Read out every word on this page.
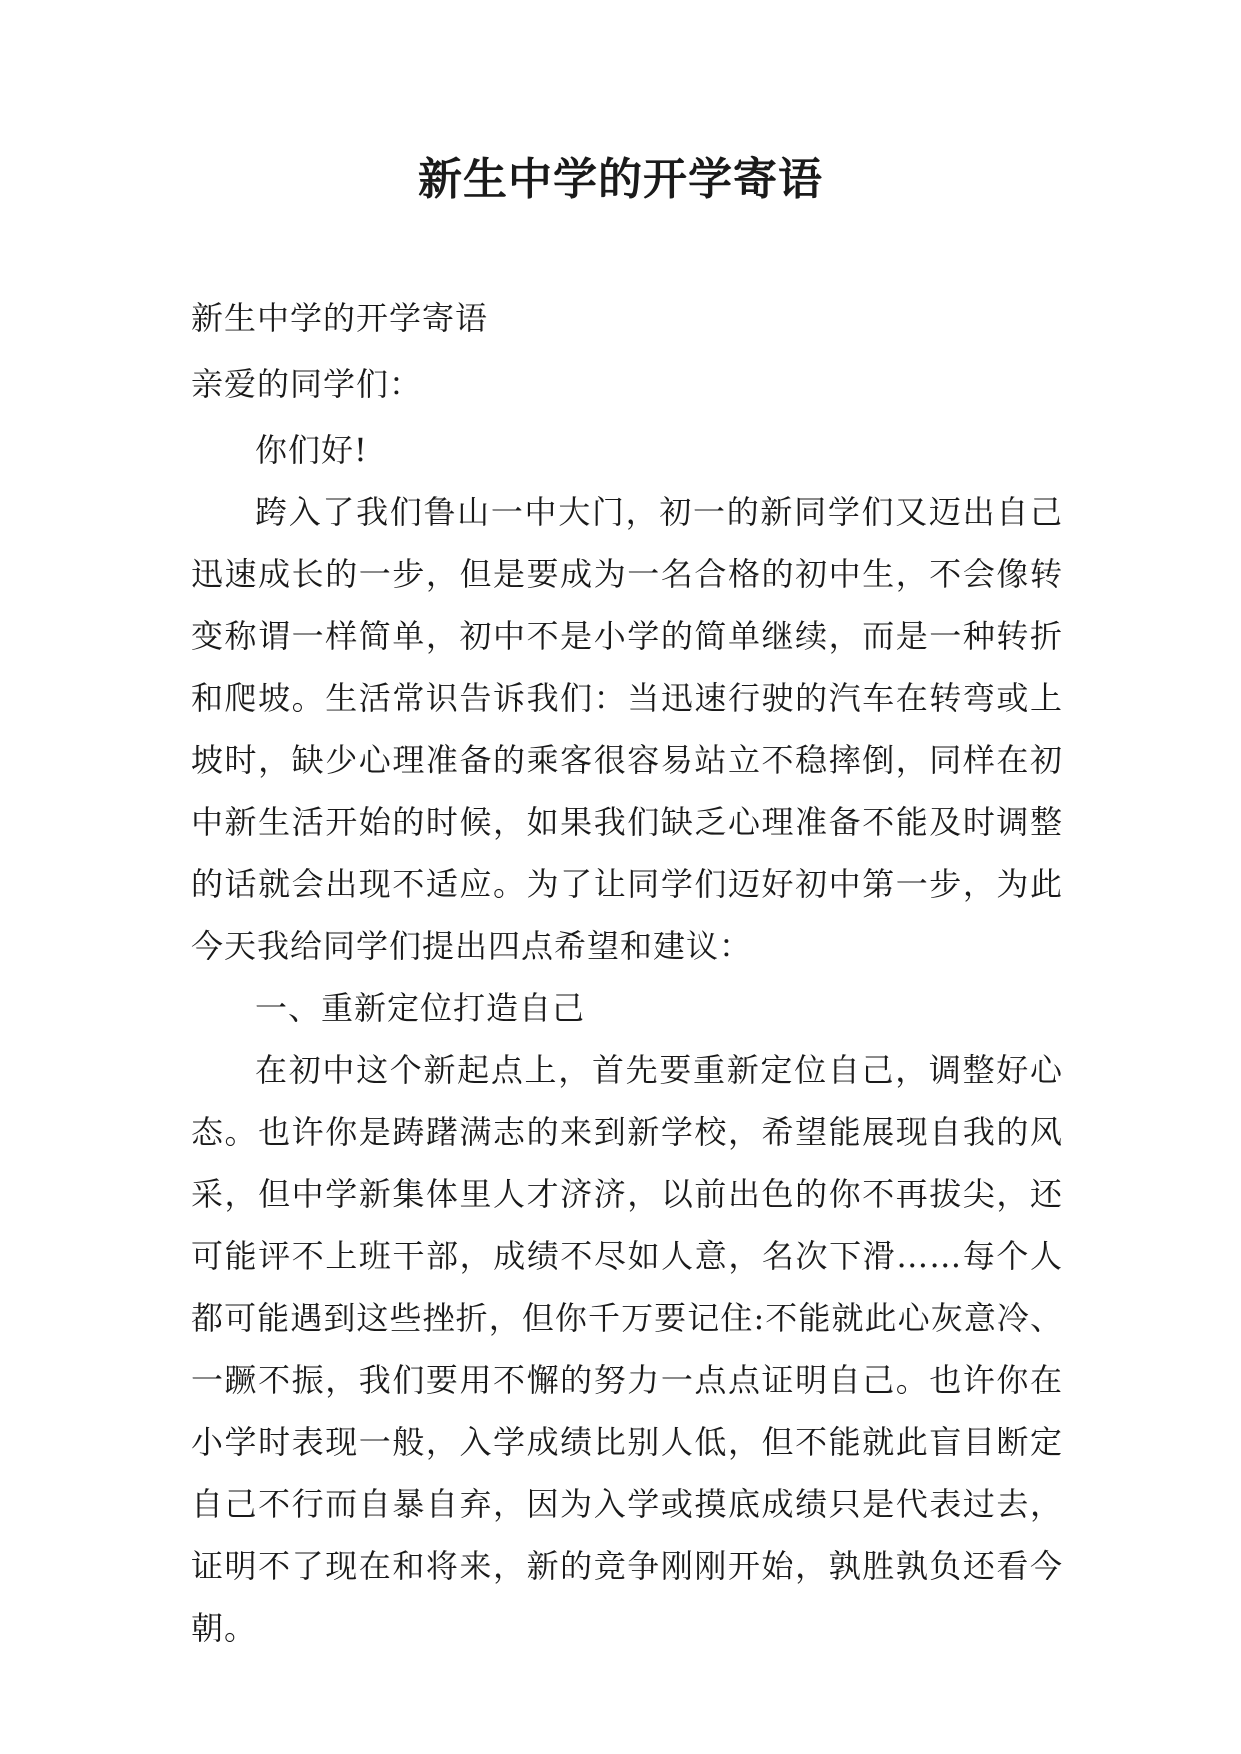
新生中学的开学寄语
新生中学的开学寄语
亲爱的同学们：
你们好!
跨入了我们鲁山一中大门，初一的新同学们又迈出自己
迅速成长的一步，但是要成为一名合格的初中生，不会像转
变称谓一样简单，初中不是小学的简单继续，而是一种转折
和爬坡。生活常识告诉我们：当迅速行驶的汽车在转弯或上
坡时，缺少心理准备的乘客很容易站立不稳摔倒，同样在初
中新生活开始的时候，如果我们缺乏心理准备不能及时调整
的话就会出现不适应。为了让同学们迈好初中第一步，为此
今天我给同学们提出四点希望和建议：
一、重新定位打造自己
在初中这个新起点上，首先要重新定位自己，调整好心
态。也许你是踌躇满志的来到新学校，希望能展现自我的风
采，但中学新集体里人才济济，以前出色的你不再拔尖，还
可能评不上班干部，成绩不尽如人意，名次下滑……每个人
都可能遇到这些挫折，但你千万要记住:不能就此心灰意冷、
一蹶不振，我们要用不懈的努力一点点证明自己。也许你在
小学时表现一般，入学成绩比别人低，但不能就此盲目断定
自己不行而自暴自弃，因为入学或摸底成绩只是代表过去，
证明不了现在和将来，新的竞争刚刚开始，孰胜孰负还看今
朝。
